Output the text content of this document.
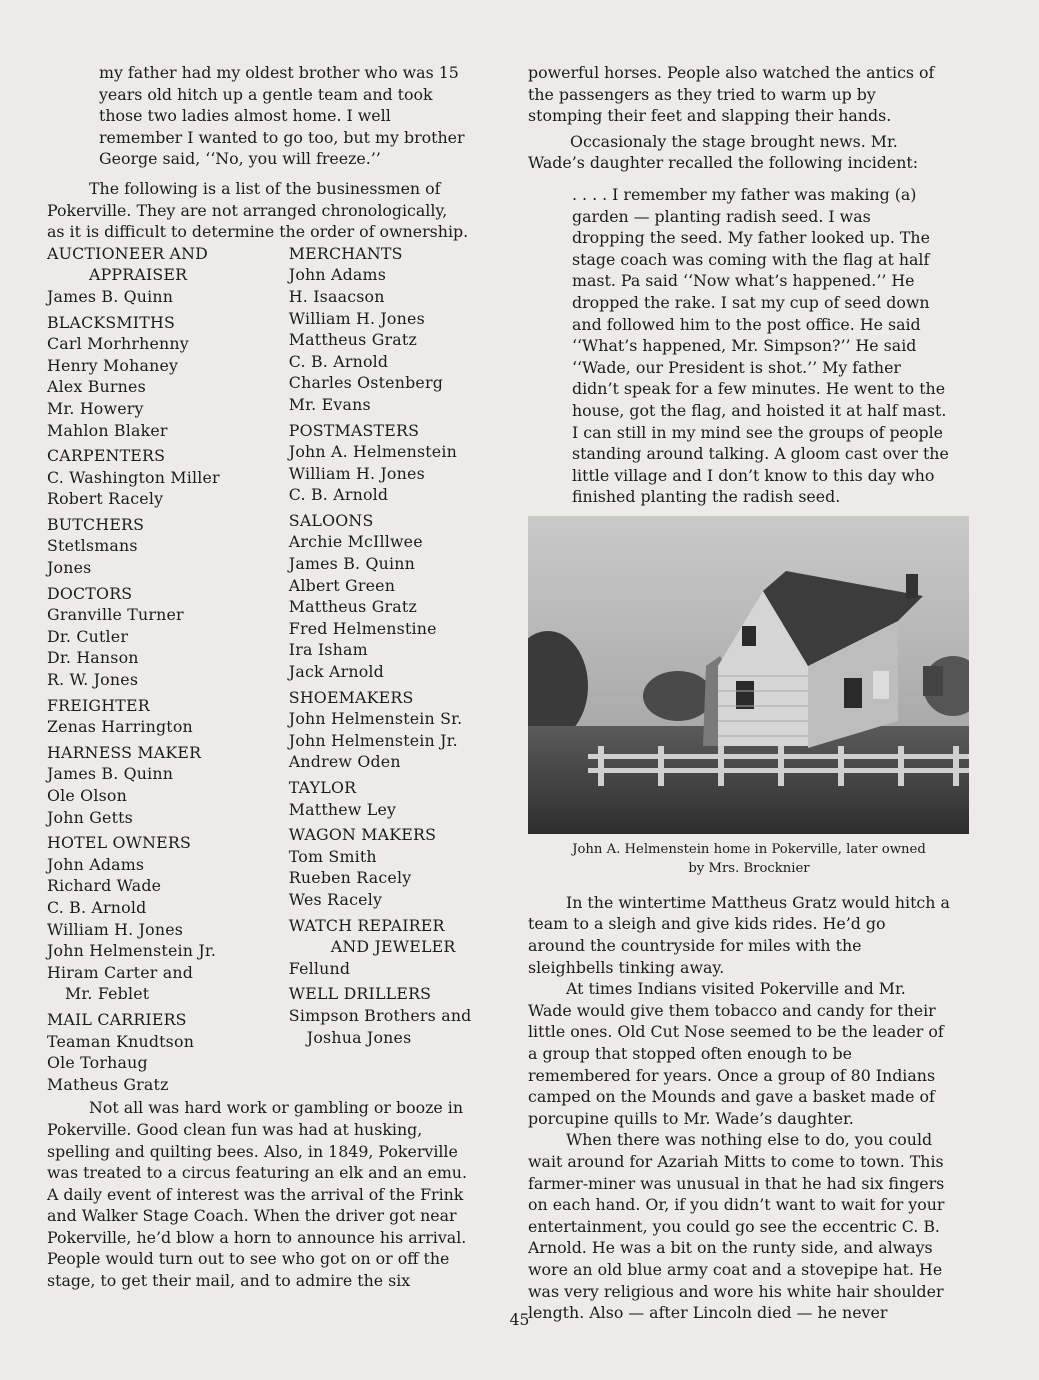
my father had my oldest brother who was 15
years old hitch up a gentle team and took
those two ladies almost home. I well
remember I wanted to go too, but my brother
George said, ‘‘No, you will freeze.’’

The following is a list of the businessmen of
Pokerville. They are not arranged chronologically,
as it is difficult to determine the order of ownership.

AUCTIONEER AND
APPRAISER
James B. Quinn
BLACKSMITHS
Carl Morhrhenny
Henry Mohaney
Alex Burnes
Mr. Howery
Mahlon Blaker
CARPENTERS
C. Washington Miller
Robert Racely
BUTCHERS
Stetlsmans
Jones
DOCTORS
Granville Turner
Dr. Cutler
Dr. Hanson
R. W. Jones
FREIGHTER
Zenas Harrington
HARNESS MAKER
James B. Quinn
Ole Olson
John Getts
HOTEL OWNERS
John Adams
Richard Wade
C. B. Arnold
William H. Jones
John Helmenstein Jr.
Hiram Carter and
Mr. Feblet
MAIL CARRIERS
Teaman Knudtson
Ole Torhaug
Matheus Gratz
MERCHANTS
John Adams
H. Isaacson
William H. Jones
Mattheus Gratz
C. B. Arnold
Charles Ostenberg
Mr. Evans
POSTMASTERS
John A. Helmenstein
William H. Jones
C. B. Arnold
SALOONS
Archie McIllwee
James B. Quinn
Albert Green
Mattheus Gratz
Fred Helmenstine
Ira Isham
Jack Arnold
SHOEMAKERS
John Helmenstein Sr.
John Helmenstein Jr.
Andrew Oden
TAYLOR
Matthew Ley
WAGON MAKERS
Tom Smith
Rueben Racely
Wes Racely
WATCH REPAIRER
AND JEWELER
Fellund
WELL DRILLERS
Simpson Brothers and
Joshua Jones

Not all was hard work or gambling or booze in
Pokerville. Good clean fun was had at husking,
spelling and quilting bees. Also, in 1849, Pokerville
was treated to a circus featuring an elk and an emu.
A daily event of interest was the arrival of the Frink
and Walker Stage Coach. When the driver got near
Pokerville, he’d blow a horn to announce his arrival.
People would turn out to see who got on or off the
stage, to get their mail, and to admire the six

powerful horses. People also watched the antics of
the passengers as they tried to warm up by
stomping their feet and slapping their hands.

Occasionaly the stage brought news. Mr.
Wade’s daughter recalled the following incident:

. . . . I remember my father was making (a)
garden — planting radish seed. I was
dropping the seed. My father looked up. The
stage coach was coming with the flag at half
mast. Pa said ‘‘Now what’s happened.’’ He
dropped the rake. I sat my cup of seed down
and followed him to the post office. He said
‘‘What’s happened, Mr. Simpson?’’ He said
‘‘Wade, our President is shot.’’ My father
didn’t speak for a few minutes. He went to the
house, got the flag, and hoisted it at half mast.
I can still in my mind see the groups of people
standing around talking. A gloom cast over the
little village and I don’t know to this day who
finished planting the radish seed.

John A. Helmenstein home in Pokerville, later owned
by Mrs. Brocknier

In the wintertime Mattheus Gratz would hitch a
team to a sleigh and give kids rides. He’d go
around the countryside for miles with the
sleighbells tinking away.

At times Indians visited Pokerville and Mr.
Wade would give them tobacco and candy for their
little ones. Old Cut Nose seemed to be the leader of
a group that stopped often enough to be
remembered for years. Once a group of 80 Indians
camped on the Mounds and gave a basket made of
porcupine quills to Mr. Wade’s daughter.

When there was nothing else to do, you could
wait around for Azariah Mitts to come to town. This
farmer-miner was unusual in that he had six fingers
on each hand. Or, if you didn’t want to wait for your
entertainment, you could go see the eccentric C. B.
Arnold. He was a bit on the runty side, and always
wore an old blue army coat and a stovepipe hat. He
was very religious and wore his white hair shoulder
length. Also — after Lincoln died — he never

45
